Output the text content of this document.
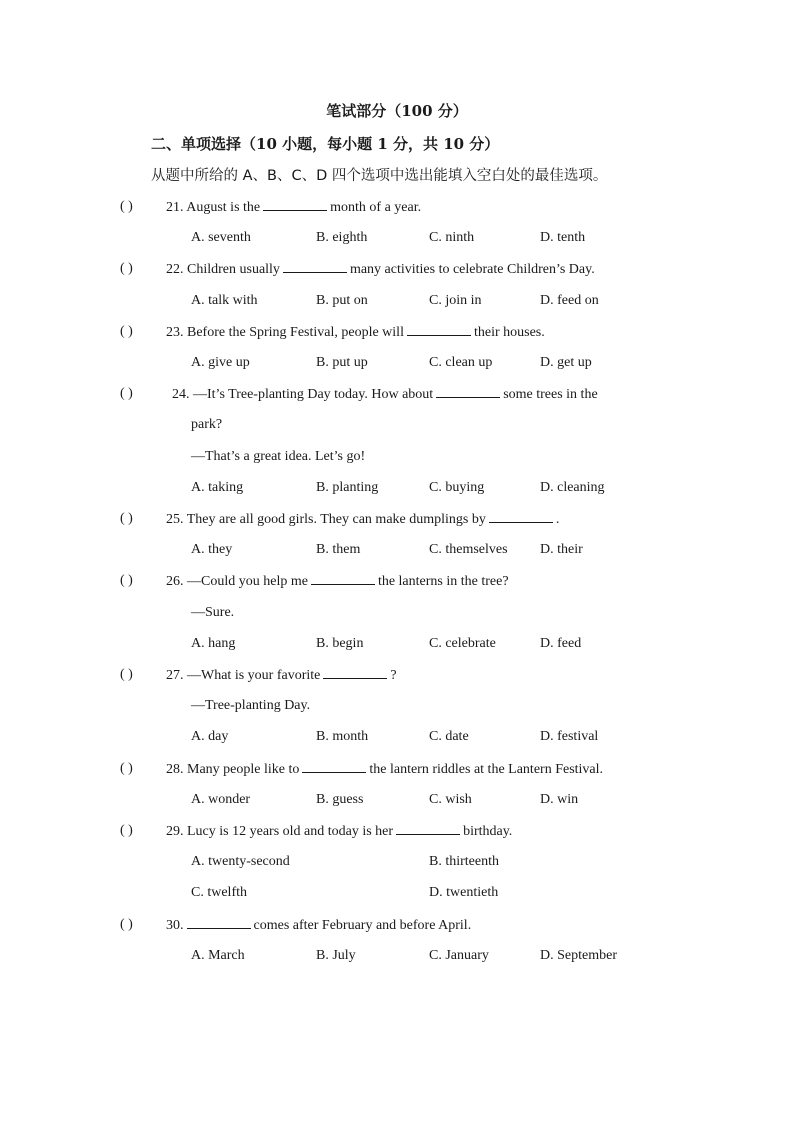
笔试部分（100 分）
二、单项选择（10 小题，每小题 1 分，共 10 分）
从题中所给的 A、B、C、D 四个选项中选出能填入空白处的最佳选项。
( ) 21. August is the	month of a year.
A. seventh	B. eighth	C. ninth	D. tenth
( ) 22. Children usually	many activities to celebrate Children’s Day.
A. talk with	B. put on	C. join in	D. feed on
( ) 23. Before the Spring Festival, people will	their houses.
A. give up	B. put up	C. clean up	D. get up
( )	24. —It’s Tree-planting Day today. How about	some trees in the
park?
—That’s a great idea. Let’s go!
A. taking	B. planting	C. buying	D. cleaning
( ) 25. They are all good girls. They can make dumplings by	.
A. they	B. them	C. themselves D. their
( ) 26. —Could you help me	the lanterns in the tree?
—Sure.
A. hang	B. begin	C. celebrate	D. feed
( ) 27. —What is your favorite	?
—Tree-planting Day.
A. day	B. month	C. date	D. festival
( ) 28. Many people like to	the lantern riddles at the Lantern Festival.
A. wonder	B. guess	C. wish	D. win
( ) 29. Lucy is 12 years old and today is her	birthday.
A. twenty-second	B. thirteenth
C. twelfth	D. twentieth
( ) 30.	comes after February and before April.
A. March	B. July	C. January	D. September
